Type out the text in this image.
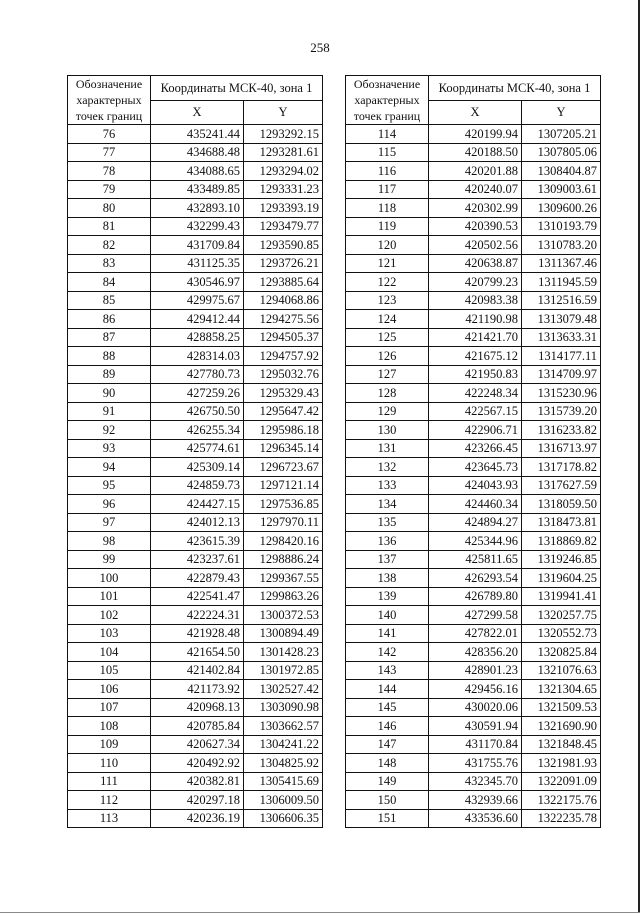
258
Обозначение характерных точек границ	Координаты МСК-40, зона 1	
	X	Y
76	435241.44	1293292.15
77	434688.48	1293281.61
78	434088.65	1293294.02
79	433489.85	1293331.23
80	432893.10	1293393.19
81	432299.43	1293479.77
82	431709.84	1293590.85
83	431125.35	1293726.21
84	430546.97	1293885.64
85	429975.67	1294068.86
86	429412.44	1294275.56
87	428858.25	1294505.37
88	428314.03	1294757.92
89	427780.73	1295032.76
90	427259.26	1295329.43
91	426750.50	1295647.42
92	426255.34	1295986.18
93	425774.61	1296345.14
94	425309.14	1296723.67
95	424859.73	1297121.14
96	424427.15	1297536.85
97	424012.13	1297970.11
98	423615.39	1298420.16
99	423237.61	1298886.24
100	422879.43	1299367.55
101	422541.47	1299863.26
102	422224.31	1300372.53
103	421928.48	1300894.49
104	421654.50	1301428.23
105	421402.84	1301972.85
106	421173.92	1302527.42
107	420968.13	1303090.98
108	420785.84	1303662.57
109	420627.34	1304241.22
110	420492.92	1304825.92
111	420382.81	1305415.69
112	420297.18	1306009.50
113	420236.19	1306606.35
Обозначение характерных точек границ	Координаты МСК-40, зона 1	
	X	Y
114	420199.94	1307205.21
115	420188.50	1307805.06
116	420201.88	1308404.87
117	420240.07	1309003.61
118	420302.99	1309600.26
119	420390.53	1310193.79
120	420502.56	1310783.20
121	420638.87	1311367.46
122	420799.23	1311945.59
123	420983.38	1312516.59
124	421190.98	1313079.48
125	421421.70	1313633.31
126	421675.12	1314177.11
127	421950.83	1314709.97
128	422248.34	1315230.96
129	422567.15	1315739.20
130	422906.71	1316233.82
131	423266.45	1316713.97
132	423645.73	1317178.82
133	424043.93	1317627.59
134	424460.34	1318059.50
135	424894.27	1318473.81
136	425344.96	1318869.82
137	425811.65	1319246.85
138	426293.54	1319604.25
139	426789.80	1319941.41
140	427299.58	1320257.75
141	427822.01	1320552.73
142	428356.20	1320825.84
143	428901.23	1321076.63
144	429456.16	1321304.65
145	430020.06	1321509.53
146	430591.94	1321690.90
147	431170.84	1321848.45
148	431755.76	1321981.93
149	432345.70	1322091.09
150	432939.66	1322175.76
151	433536.60	1322235.78
